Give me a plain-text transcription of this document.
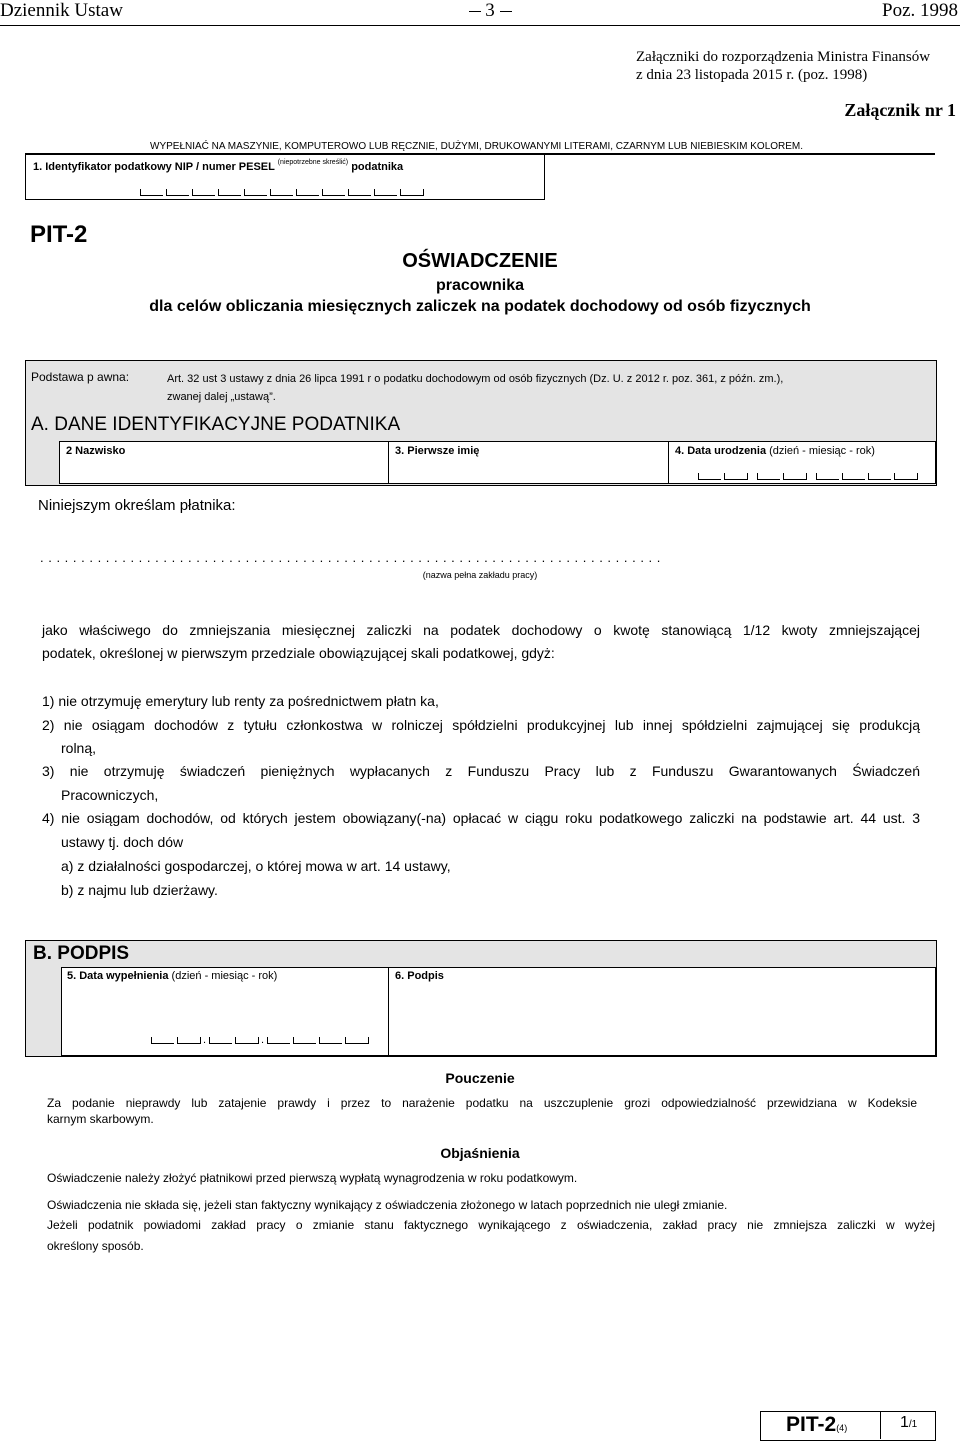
Dziennik Ustaw	3	Poz. 1998
Załączniki do rozporządzenia Ministra Finansów
z dnia 23 listopada 2015 r. (poz. 1998)
Załącznik nr 1
WYPEŁNIAĆ NA MASZYNIE, KOMPUTEROWO LUB RĘCZNIE, DUŻYMI, DRUKOWANYMI LITERAMI, CZARNYM LUB NIEBIESKIM KOLOREM.
1. Identyfikator podatkowy NIP / numer PESEL $^{(niepotrzebne skreślić)}$ podatnika
PIT-2
OŚWIADCZENIE
pracownika
dla celów obliczania miesięcznych zaliczek na podatek dochodowy od osób fizycznych
Podstawa p awna:	Art. 32 ust 3 ustawy z dnia 26 lipca 1991 r o podatku dochodowym od osób fizycznych (Dz. U. z 2012 r. poz. 361, z późn. zm.),
zwanej dalej „ustawą”.
A. DANE IDENTYFIKACYJNE PODATNIKA
2 Nazwisko	3. Pierwsze imię	4. Data urodzenia (dzień - miesiąc - rok)
Niniejszym określam płatnika:
. . . . . . . . . . . . . . . . . . . . . . . . . . . . . . . . . . . . . . . . . . . . . . . . . . . . . . . . . . . . . . . . . . . . . . . . . . . .
(nazwa pełna zakładu pracy)
jako właściwego do zmniejszania miesięcznej zaliczki na podatek dochodowy o kwotę stanowiącą 1/12 kwoty zmniejszającej
podatek, określonej w pierwszym przedziale obowiązującej skali podatkowej, gdyż:
1) nie otrzymuję emerytury lub renty za pośrednictwem płatn ka,
2) nie osiągam dochodów z tytułu członkostwa w rolniczej spółdzielni produkcyjnej lub innej spółdzielni zajmującej się produkcją
rolną,
3) nie otrzymuję świadczeń pieniężnych wypłacanych z Funduszu Pracy lub z Funduszu Gwarantowanych Świadczeń
Pracowniczych,
4) nie osiągam dochodów, od których jestem obowiązany(-na) opłacać w ciągu roku podatkowego zaliczki na podstawie art. 44 ust. 3
ustawy tj. doch dów
a) z działalności gospodarczej, o której mowa w art. 14 ustawy,
b) z najmu lub dzierżawy.
B. PODPIS
5. Data wypełnienia (dzień - miesiąc - rok)
.	.
6. Podpis
Pouczenie
Za podanie nieprawdy lub zatajenie prawdy i przez to narażenie podatku na uszczuplenie grozi odpowiedzialność przewidziana w Kodeksie
karnym skarbowym.
Objaśnienia
Oświadczenie należy złożyć płatnikowi przed pierwszą wypłatą wynagrodzenia w roku podatkowym.
Oświadczenia nie składa się, jeżeli stan faktyczny wynikający z oświadczenia złożonego w latach poprzednich nie uległ zmianie.
Jeżeli podatnik powiadomi zakład pracy o zmianie stanu faktycznego wynikającego z oświadczenia, zakład pracy nie zmniejsza zaliczki w wyżej
określony sposób.
PIT-2(4)	1/1
